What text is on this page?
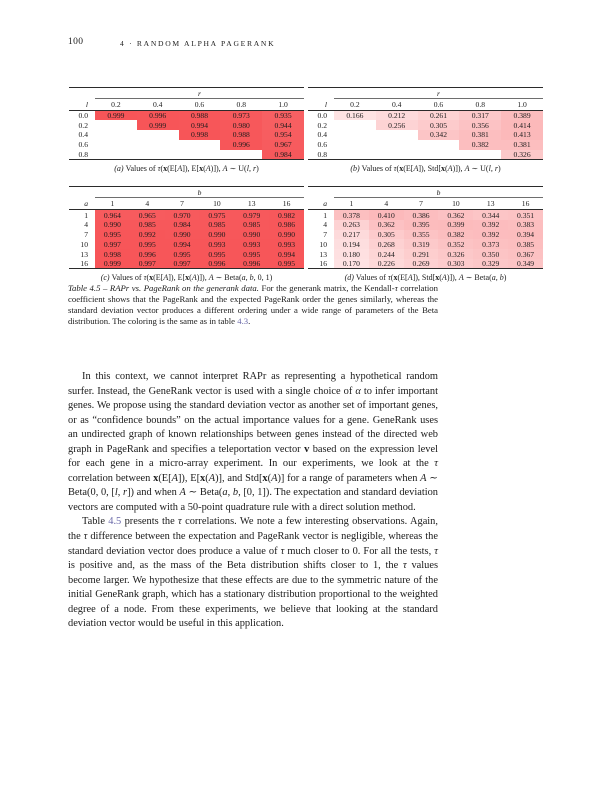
100	4 · RANDOM ALPHA PAGERANK
	r				
l	0.2	0.4	0.6	0.8	1.0
0.0	0.999	0.996	0.988	0.973	0.935
0.2		0.999	0.994	0.980	0.944
0.4			0.998	0.988	0.954
0.6				0.996	0.967
0.8					0.984
(a) Values of τ(x(E[A]), E[x(A)]), A ∼ U(l, r)
	r				
l	0.2	0.4	0.6	0.8	1.0
0.0	0.166	0.212	0.261	0.317	0.389
0.2		0.256	0.305	0.356	0.414
0.4			0.342	0.381	0.413
0.6				0.382	0.381
0.8					0.326
(b) Values of τ(x(E[A]), Std[x(A)]), A ∼ U(l, r)
	b					
a	1	4	7	10	13	16
1	0.964	0.965	0.970	0.975	0.979	0.982
4	0.990	0.985	0.984	0.985	0.985	0.986
7	0.995	0.992	0.990	0.990	0.990	0.990
10	0.997	0.995	0.994	0.993	0.993	0.993
13	0.998	0.996	0.995	0.995	0.995	0.994
16	0.999	0.997	0.997	0.996	0.996	0.995
(c) Values of τ(x(E[A]), E[x(A)]), A ∼ Beta(a, b, 0, 1)
	b					
a	1	4	7	10	13	16
1	0.378	0.410	0.386	0.362	0.344	0.351
4	0.263	0.362	0.395	0.399	0.392	0.383
7	0.217	0.305	0.355	0.382	0.392	0.394
10	0.194	0.268	0.319	0.352	0.373	0.385
13	0.180	0.244	0.291	0.326	0.350	0.367
16	0.170	0.226	0.269	0.303	0.329	0.349
(d) Values of τ(x(E[A]), Std[x(A)]), A ∼ Beta(a, b)
Table 4.5 – RAPr vs. PageRank on the generank data. For the generank matrix, the Kendall-τ correlation coefficient shows that the PageRank and the expected PageRank order the genes similarly, whereas the standard deviation vector produces a different ordering under a wide range of parameters of the Beta distribution. The coloring is the same as in table 4.3.

In this context, we cannot interpret RAPr as representing a hypothetical random surfer. Instead, the GeneRank vector is used with a single choice of α to infer important genes. We propose using the standard deviation vector as another set of important genes, or as “confidence bounds” on the actual importance values for a gene. GeneRank uses an undirected graph of known relationships between genes instead of the directed web graph in PageRank and specifies a teleportation vector v based on the expression level for each gene in a micro-array experiment. In our experiments, we look at the τ correlation between x(E[A]), E[x(A)], and Std[x(A)] for a range of parameters when A ∼ Beta(0, 0, [l, r]) and when A ∼ Beta(a, b, [0, 1]). The expectation and standard deviation vectors are computed with a 50-point quadrature rule with a direct solution method.

Table 4.5 presents the τ correlations. We note a few interesting observations. Again, the τ difference between the expectation and PageRank vector is negligible, whereas the standard deviation vector does produce a value of τ much closer to 0. For all the tests, τ is positive and, as the mass of the Beta distribution shifts closer to 1, the τ values become larger. We hypothesize that these effects are due to the symmetric nature of the initial GeneRank graph, which has a stationary distribution proportional to the weighted degree of a node. From these experiments, we believe that looking at the standard deviation vector would be useful in this application.
